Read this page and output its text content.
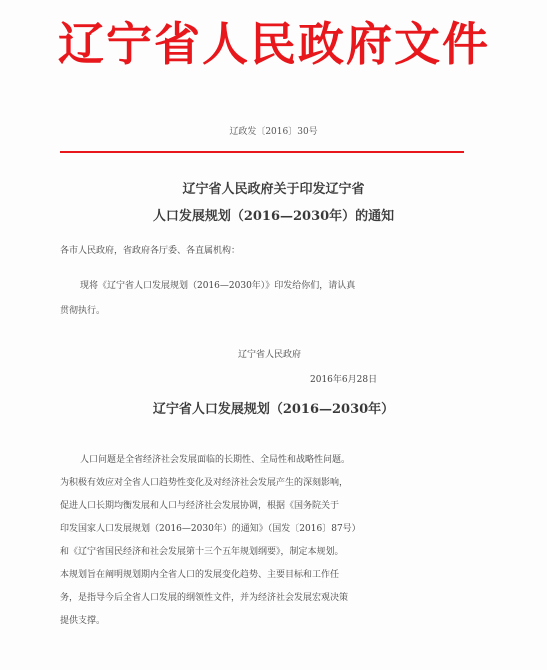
辽宁省人民政府文件
辽政发〔2016〕30号
辽宁省人民政府关于印发辽宁省
人口发展规划（2016—2030年）的通知
各市人民政府，省政府各厅委、各直属机构：
现将《辽宁省人口发展规划（2016—2030年）》印发给你们，请认真
贯彻执行。
辽宁省人民政府
2016年6月28日
辽宁省人口发展规划（2016—2030年）
人口问题是全省经济社会发展面临的长期性、全局性和战略性问题。
为积极有效应对全省人口趋势性变化及对经济社会发展产生的深刻影响，
促进人口长期均衡发展和人口与经济社会发展协调，根据《国务院关于
印发国家人口发展规划（2016—2030年）的通知》（国发〔2016〕87号）
和《辽宁省国民经济和社会发展第十三个五年规划纲要》，制定本规划。
本规划旨在阐明规划期内全省人口的发展变化趋势、主要目标和工作任
务，是指导今后全省人口发展的纲领性文件，并为经济社会发展宏观决策
提供支撑。
